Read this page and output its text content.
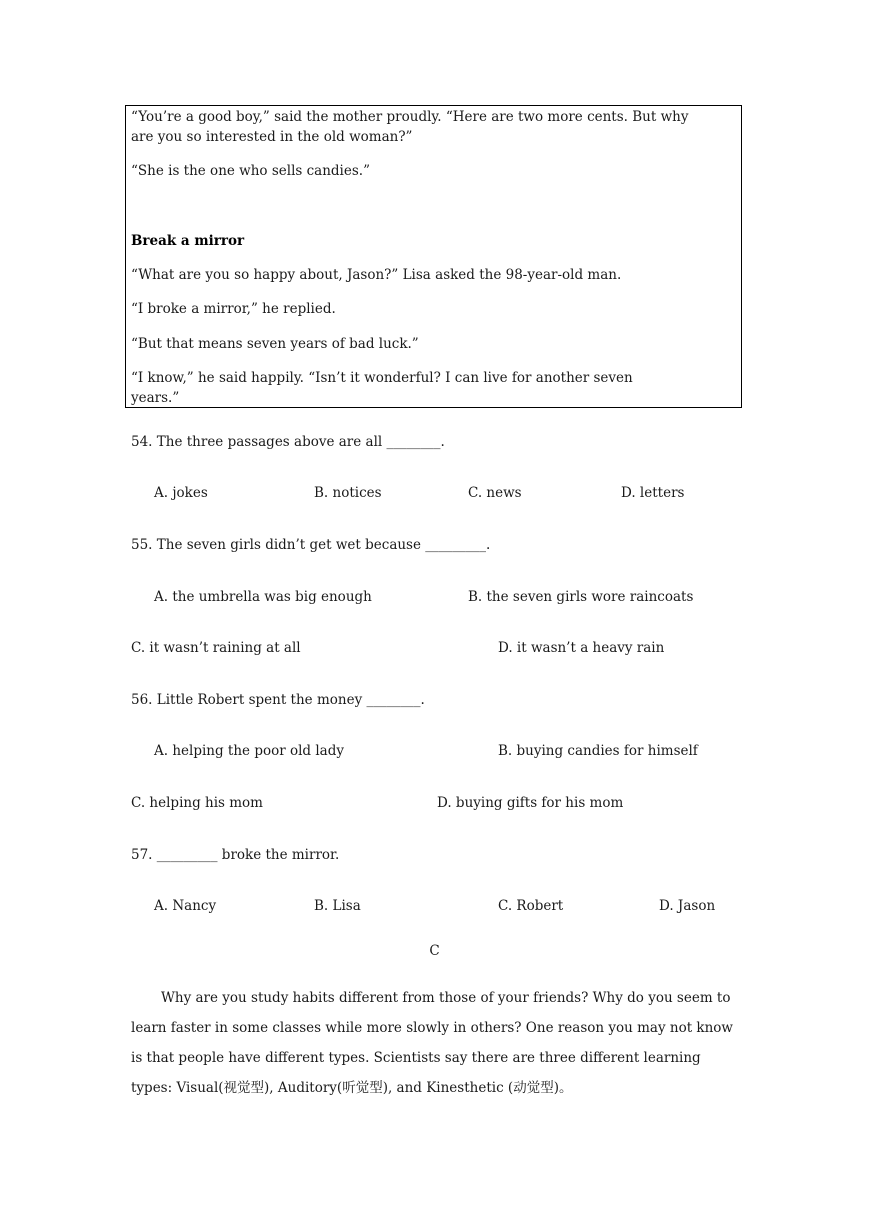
“You’re a good boy,” said the mother proudly. “Here are two more cents. But why
are you so interested in the old woman?”
“She is the one who sells candies.”
Break a mirror
“What are you so happy about, Jason?” Lisa asked the 98-year-old man.
“I broke a mirror,” he replied.
“But that means seven years of bad luck.”
“I know,” he said happily. “Isn’t it wonderful? I can live for another seven
years.”
54. The three passages above are all ________.
A. jokes	B. notices	C. news	D. letters
55. The seven girls didn’t get wet because _________.
A. the umbrella was big enough	B. the seven girls wore raincoats
C. it wasn’t raining at all	D. it wasn’t a heavy rain
56. Little Robert spent the money ________.
A. helping the poor old lady	B. buying candies for himself
C. helping his mom	D. buying gifts for his mom
57. _________ broke the mirror.
A. Nancy	B. Lisa	C. Robert	D. Jason
C
Why are you study habits different from those of your friends? Why do you seem to learn faster in some classes while more slowly in others? One reason you may not know is that people have different types. Scientists say there are three different learning types: Visual(视觉型), Auditory(听觉型), and Kinesthetic (动觉型)。
